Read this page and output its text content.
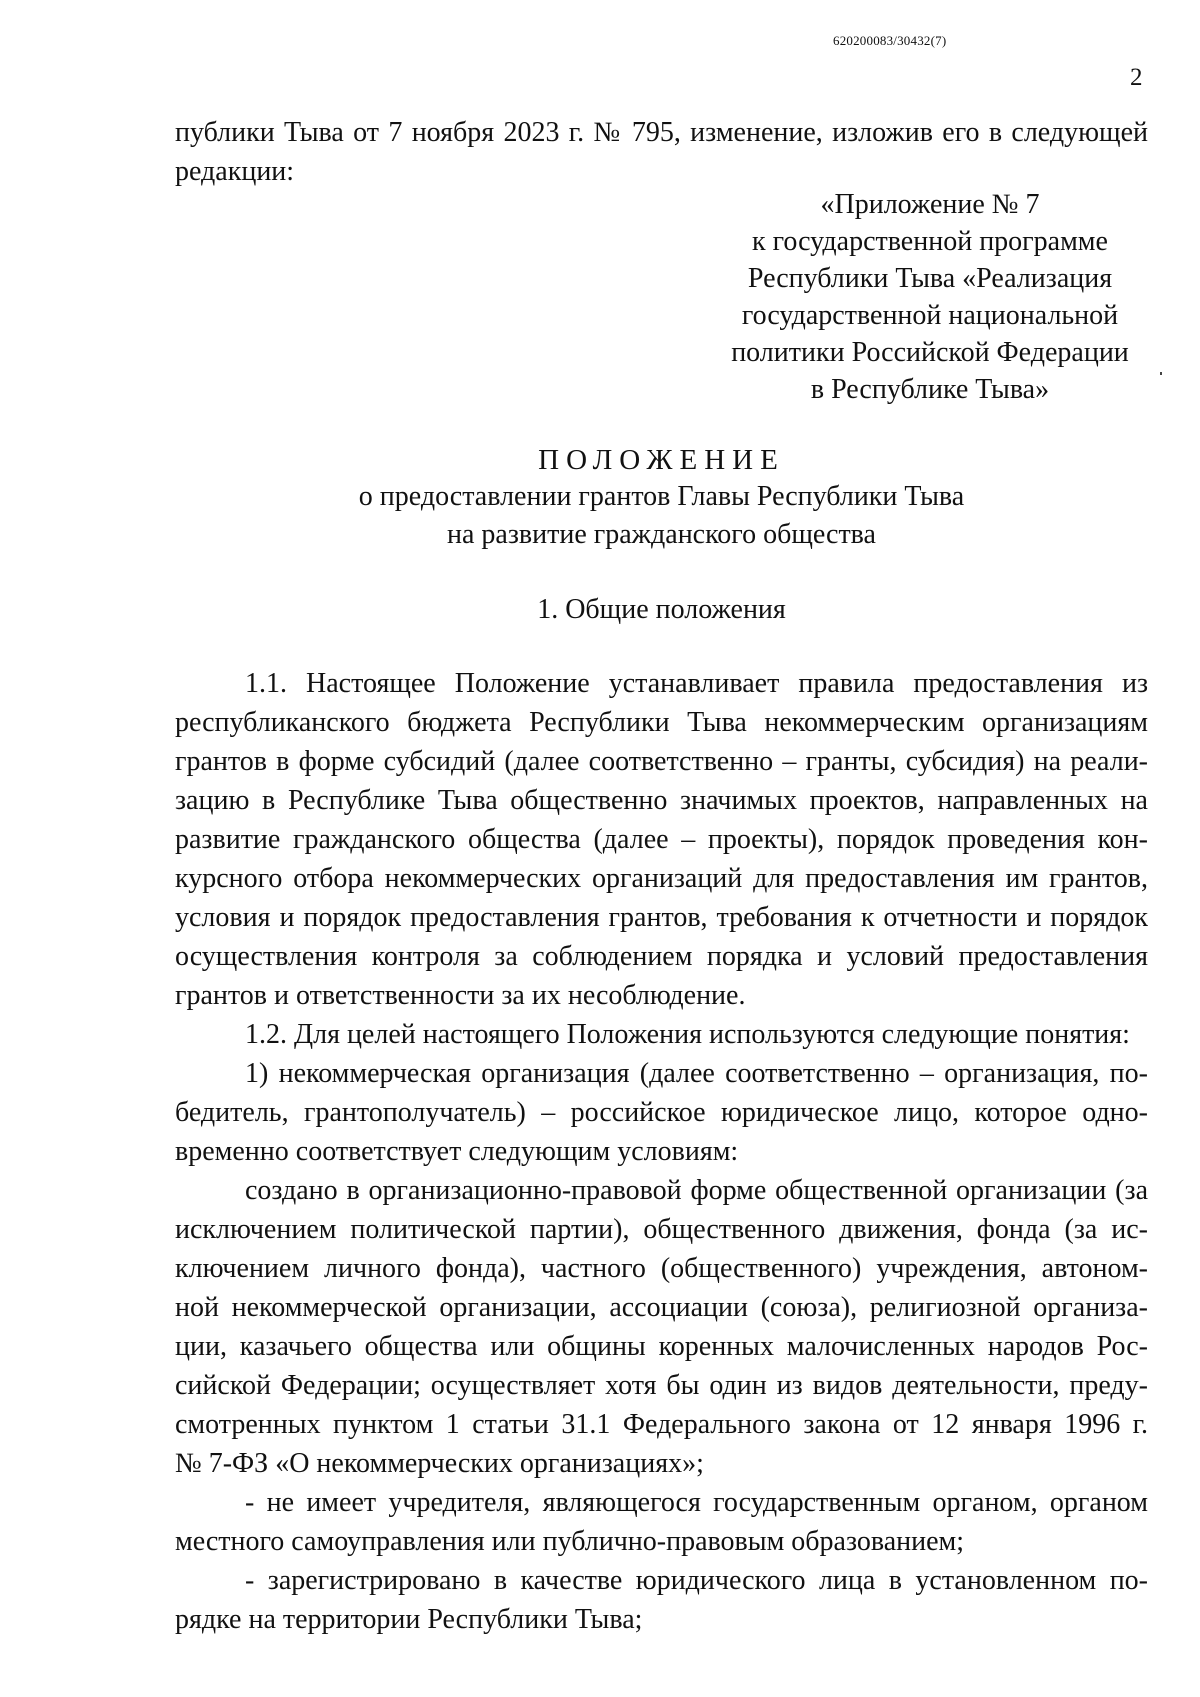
620200083/30432(7)
2
публики Тыва от 7 ноября 2023 г. № 795, изменение, изложив его в следующей
редакции:
«Приложение № 7
к государственной программе
Республики Тыва «Реализация
государственной национальной
политики Российской Федерации
в Республике Тыва»
ПОЛОЖЕНИЕ
о предоставлении грантов Главы Республики Тыва
на развитие гражданского общества
1. Общие положения
1.1. Настоящее Положение устанавливает правила предоставления из
республиканского бюджета Республики Тыва некоммерческим организациям
грантов в форме субсидий (далее соответственно – гранты, субсидия) на реали-
зацию в Республике Тыва общественно значимых проектов, направленных на
развитие гражданского общества (далее – проекты), порядок проведения кон-
курсного отбора некоммерческих организаций для предоставления им грантов,
условия и порядок предоставления грантов, требования к отчетности и порядок
осуществления контроля за соблюдением порядка и условий предоставления
грантов и ответственности за их несоблюдение.
1.2. Для целей настоящего Положения используются следующие понятия:
1) некоммерческая организация (далее соответственно – организация, по-
бедитель, грантополучатель) – российское юридическое лицо, которое одно-
временно соответствует следующим условиям:
создано в организационно-правовой форме общественной организации (за
исключением политической партии), общественного движения, фонда (за ис-
ключением личного фонда), частного (общественного) учреждения, автоном-
ной некоммерческой организации, ассоциации (союза), религиозной организа-
ции, казачьего общества или общины коренных малочисленных народов Рос-
сийской Федерации; осуществляет хотя бы один из видов деятельности, преду-
смотренных пунктом 1 статьи 31.1 Федерального закона от 12 января 1996 г.
№ 7-ФЗ «О некоммерческих организациях»;
- не имеет учредителя, являющегося государственным органом, органом
местного самоуправления или публично-правовым образованием;
- зарегистрировано в качестве юридического лица в установленном по-
рядке на территории Республики Тыва;
